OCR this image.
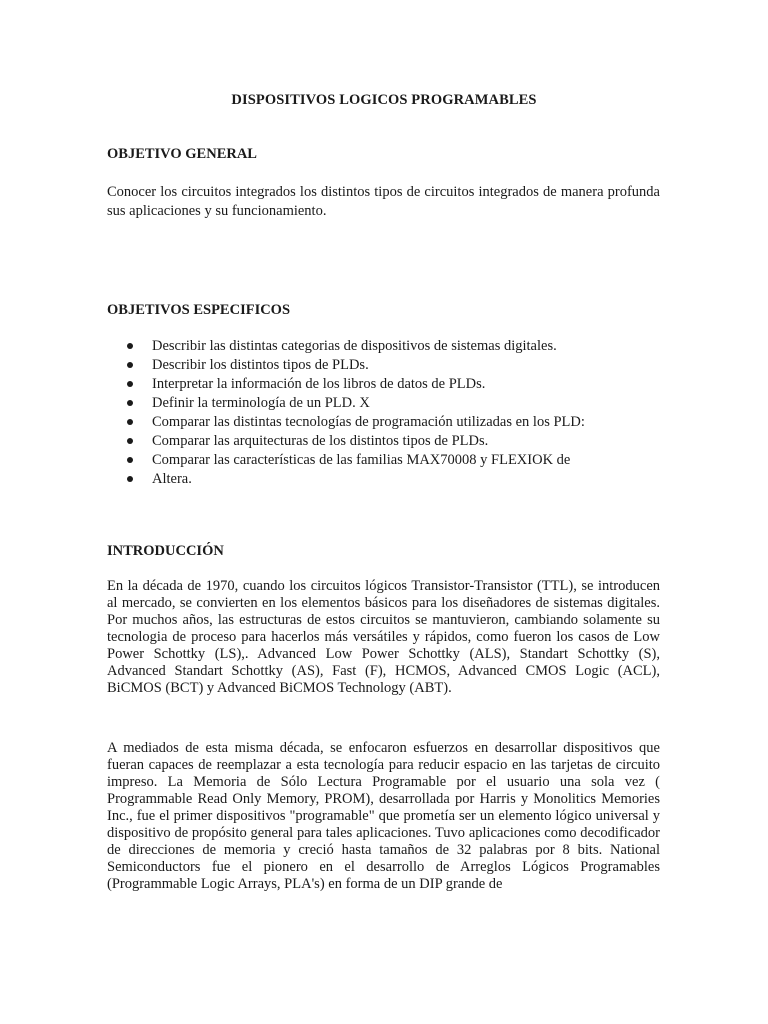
DISPOSITIVOS LOGICOS PROGRAMABLES
OBJETIVO GENERAL

Conocer los circuitos integrados los distintos tipos de circuitos integrados de manera profunda sus aplicaciones y su funcionamiento.

OBJETIVOS ESPECIFICOS
Describir las distintas categorias de dispositivos de sistemas digitales.
Describir los distintos tipos de PLDs.
Interpretar la información de los libros de datos de PLDs.
Definir la terminología de un PLD. X
Comparar las distintas tecnologías de programación utilizadas en los PLD:
Comparar las arquitecturas de los distintos tipos de PLDs.
Comparar las características de las familias MAX70008 y FLEXIOK de
Altera.
INTRODUCCIÓN

En la década de 1970, cuando los circuitos lógicos Transistor-Transistor (TTL), se introducen al mercado, se convierten en los elementos básicos para los diseñadores de sistemas digitales. Por muchos años, las estructuras de estos circuitos se mantuvieron, cambiando solamente su tecnologia de proceso para hacerlos más versátiles y rápidos, como fueron los casos de Low Power Schottky (LS),. Advanced Low Power Schottky (ALS), Standart Schottky (S), Advanced Standart Schottky (AS), Fast (F), HCMOS, Advanced CMOS Logic (ACL), BiCMOS (BCT) y Advanced BiCMOS Technology (ABT).

A mediados de esta misma década, se enfocaron esfuerzos en desarrollar dispositivos que fueran capaces de reemplazar a esta tecnología para reducir espacio en las tarjetas de circuito impreso. La Memoria de Sólo Lectura Programable por el usuario una sola vez ( Programmable Read Only Memory, PROM), desarrollada por Harris y Monolitics Memories Inc., fue el primer dispositivos "programable" que prometía ser un elemento lógico universal y dispositivo de propósito general para tales aplicaciones. Tuvo aplicaciones como decodificador de direcciones de memoria y creció hasta tamaños de 32 palabras por 8 bits. National Semiconductors fue el pionero en el desarrollo de Arreglos Lógicos Programables (Programmable Logic Arrays, PLA's) en forma de un DIP grande de
